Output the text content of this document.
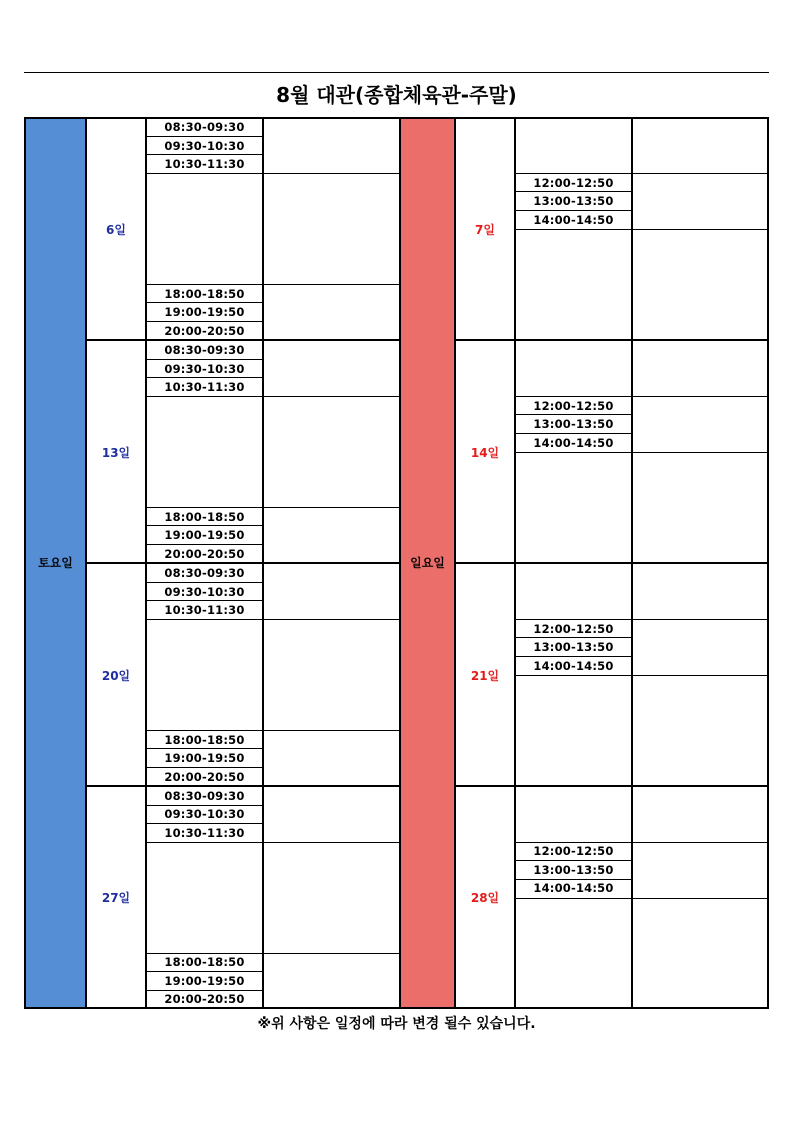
8월 대관(종합체육관-주말)
토요일	일요일
6일
08:30-09:30
09:30-10:30
10:30-11:30
18:00-18:50
19:00-19:50
20:00-20:50
13일
08:30-09:30
09:30-10:30
10:30-11:30
18:00-18:50
19:00-19:50
20:00-20:50
20일
08:30-09:30
09:30-10:30
10:30-11:30
18:00-18:50
19:00-19:50
20:00-20:50
27일
08:30-09:30
09:30-10:30
10:30-11:30
18:00-18:50
19:00-19:50
20:00-20:50
7일
12:00-12:50
13:00-13:50
14:00-14:50
14일
12:00-12:50
13:00-13:50
14:00-14:50
21일
12:00-12:50
13:00-13:50
14:00-14:50
28일
12:00-12:50
13:00-13:50
14:00-14:50
※위 사항은 일정에 따라 변경 될수 있습니다.
